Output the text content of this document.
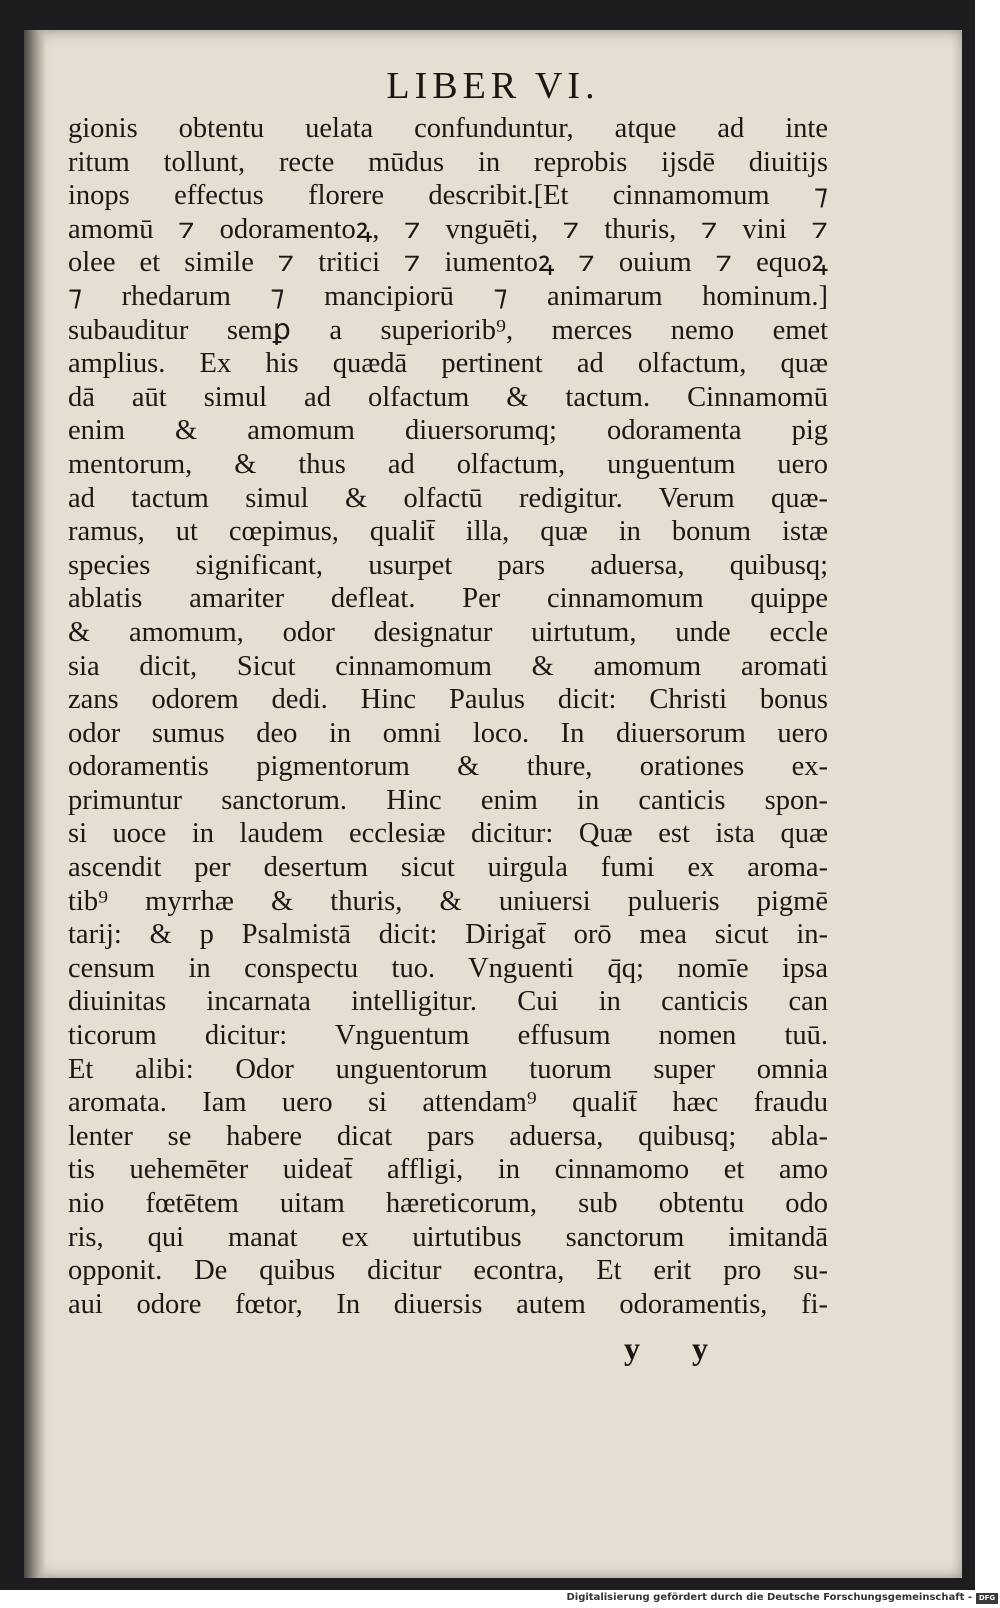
LIBER VI.
gionis obtentu uelata confunduntur, atque ad inte
ritum tollunt, recte mūdus in reprobis ijsdē diuitijs
inops effectus florere describit.[Et cinnamomum ⁊
amomū ⁊ odoramentoꝝ, ⁊ vnguēti, ⁊ thuris, ⁊ vini ⁊
olee et simile ⁊ tritici ⁊ iumentoꝝ ⁊ ouium ⁊ equoꝝ
⁊ rhedarum ⁊ mancipiorū ⁊ animarum hominum.]
subauditur semꝑ a superiorib⁹, merces nemo emet
amplius. Ex his quædā pertinent ad olfactum, quæ
dā aūt simul ad olfactum & tactum. Cinnamomū
enim & amomum diuersorumq; odoramenta pig
mentorum, & thus ad olfactum, unguentum uero
ad tactum simul & olfactū redigitur. Verum quæ-
ramus, ut cœpimus, qualit̄ illa, quæ in bonum istæ
species significant, usurpet pars aduersa, quibusq;
ablatis amariter defleat. Per cinnamomum quippe
& amomum, odor designatur uirtutum, unde eccle
sia dicit, Sicut cinnamomum & amomum aromati
zans odorem dedi. Hinc Paulus dicit: Christi bonus
odor sumus deo in omni loco. In diuersorum uero
odoramentis pigmentorum & thure, orationes ex-
primuntur sanctorum. Hinc enim in canticis spon-
si uoce in laudem ecclesiæ dicitur: Quæ est ista quæ
ascendit per desertum sicut uirgula fumi ex aroma-
tib⁹ myrrhæ & thuris, & uniuersi pulueris pigmē
tarij: & p Psalmistā dicit: Dirigat̄ orō mea sicut in-
censum in conspectu tuo. Vnguenti q̄q; nomīe ipsa
diuinitas incarnata intelligitur. Cui in canticis can
ticorum dicitur: Vnguentum effusum nomen tuū.
Et alibi: Odor unguentorum tuorum super omnia
aromata. Iam uero si attendam⁹ qualit̄ hæc fraudu
lenter se habere dicat pars aduersa, quibusq; abla-
tis uehemēter uideat̄ affligi, in cinnamomo et amo
nio fœtētem uitam hæreticorum, sub obtentu odo
ris, qui manat ex uirtutibus sanctorum imitandā
opponit. De quibus dicitur econtra, Et erit pro su-
aui odore fœtor, In diuersis autem odoramentis, fi-
y y
Digitalisierung gefördert durch die Deutsche Forschungsgemeinschaft - DFG
